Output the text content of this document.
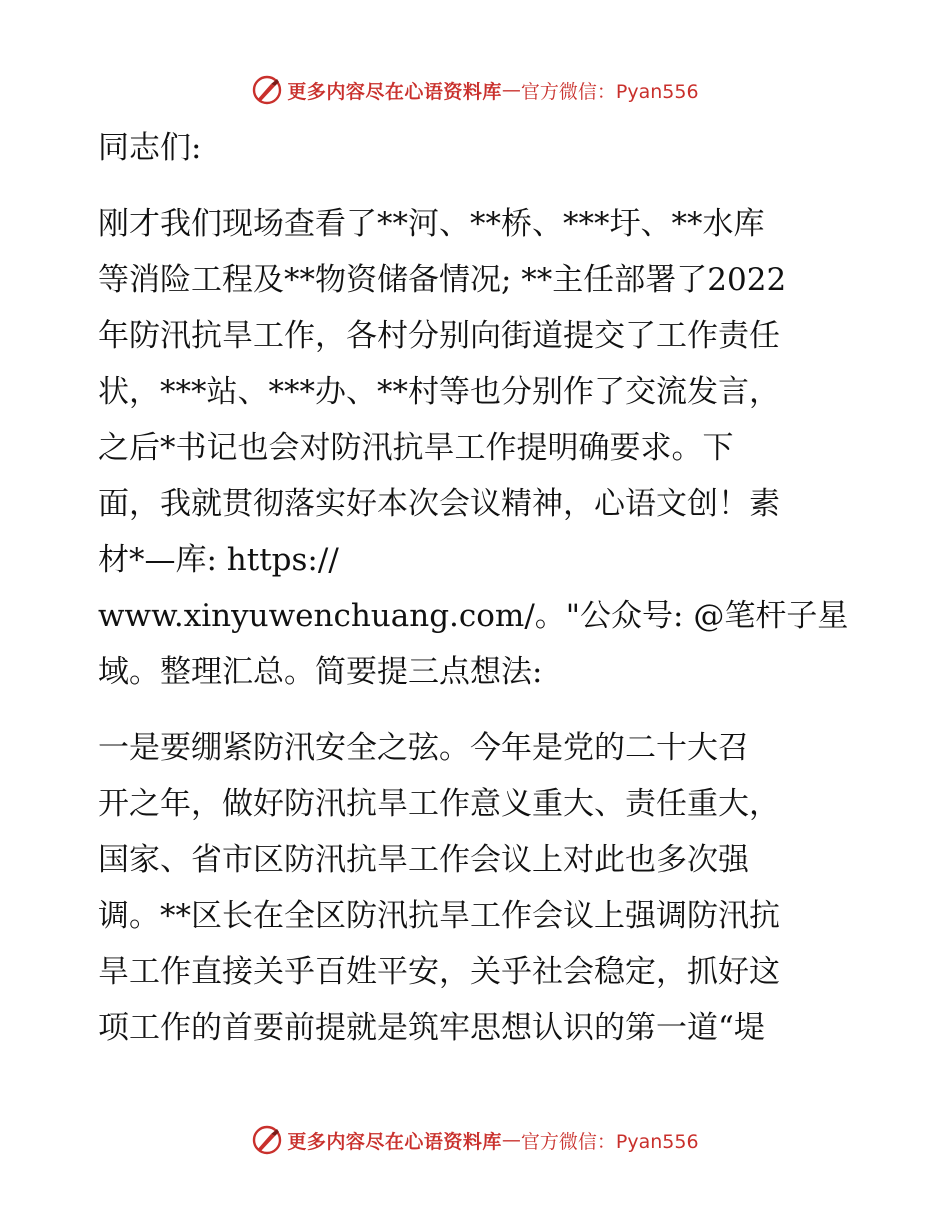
更多内容尽在心语资料库 — 官方微信：Pyan556
同志们:
刚才我们现场查看了**河、**桥、***圩、**水库
等消险工程及**物资储备情况; **主任部署了2022
年防汛抗旱工作，各村分别向街道提交了工作责任
状，***站、***办、**村等也分别作了交流发言，
之后*书记也会对防汛抗旱工作提明确要求。下
面，我就贯彻落实好本次会议精神，心语文创！素
材*—库: https://
www.xinyuwenchuang.com/。"公众号: @笔杆子星
域。整理汇总。简要提三点想法:
一是要绷紧防汛安全之弦。今年是党的二十大召
开之年，做好防汛抗旱工作意义重大、责任重大，
国家、省市区防汛抗旱工作会议上对此也多次强
调。**区长在全区防汛抗旱工作会议上强调防汛抗
旱工作直接关乎百姓平安，关乎社会稳定，抓好这
项工作的首要前提就是筑牢思想认识的第一道“堤
更多内容尽在心语资料库 — 官方微信：Pyan556
